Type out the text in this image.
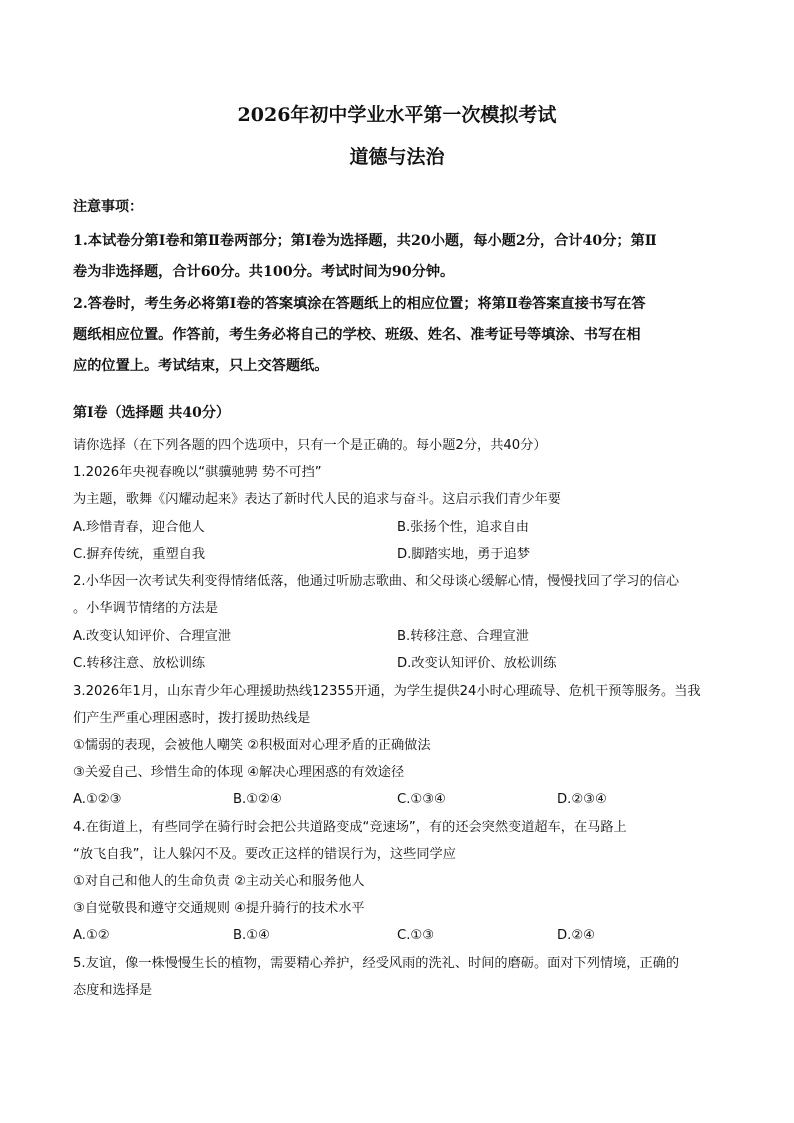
2026年初中学业水平第一次模拟考试
道德与法治
注意事项：
1.本试卷分第Ⅰ卷和第Ⅱ卷两部分；第Ⅰ卷为选择题，共20小题，每小题2分，合计40分；第Ⅱ
卷为非选择题，合计60分。共100分。考试时间为90分钟。
2.答卷时，考生务必将第Ⅰ卷的答案填涂在答题纸上的相应位置；将第Ⅱ卷答案直接书写在答
题纸相应位置。作答前，考生务必将自己的学校、班级、姓名、准考证号等填涂、书写在相
应的位置上。考试结束，只上交答题纸。
第Ⅰ卷（选择题 共40分）
请你选择（在下列各题的四个选项中，只有一个是正确的。每小题2分，共40分）
1.2026年央视春晚以“骐骥驰骋 势不可挡”
为主题，歌舞《闪耀动起来》表达了新时代人民的追求与奋斗。这启示我们青少年要
A.珍惜青春，迎合他人	B.张扬个性，追求自由
C.摒弃传统，重塑自我	D.脚踏实地，勇于追梦
2.小华因一次考试失利变得情绪低落，他通过听励志歌曲、和父母谈心缓解心情，慢慢找回了学习的信心
。小华调节情绪的方法是
A.改变认知评价、合理宣泄	B.转移注意、合理宣泄
C.转移注意、放松训练	D.改变认知评价、放松训练
3.2026年1月，山东青少年心理援助热线12355开通，为学生提供24小时心理疏导、危机干预等服务。当我
们产生严重心理困惑时，拨打援助热线是
①懦弱的表现，会被他人嘲笑 ②积极面对心理矛盾的正确做法
③关爱自己、珍惜生命的体现 ④解决心理困惑的有效途径
A.①②③	B.①②④	C.①③④	D.②③④
4.在街道上，有些同学在骑行时会把公共道路变成“竞速场”，有的还会突然变道超车，在马路上
“放飞自我”，让人躲闪不及。要改正这样的错误行为，这些同学应
①对自己和他人的生命负责 ②主动关心和服务他人
③自觉敬畏和遵守交通规则 ④提升骑行的技术水平
A.①②	B.①④	C.①③	D.②④
5.友谊，像一株慢慢生长的植物，需要精心养护，经受风雨的洗礼、时间的磨砺。面对下列情境，正确的
态度和选择是
